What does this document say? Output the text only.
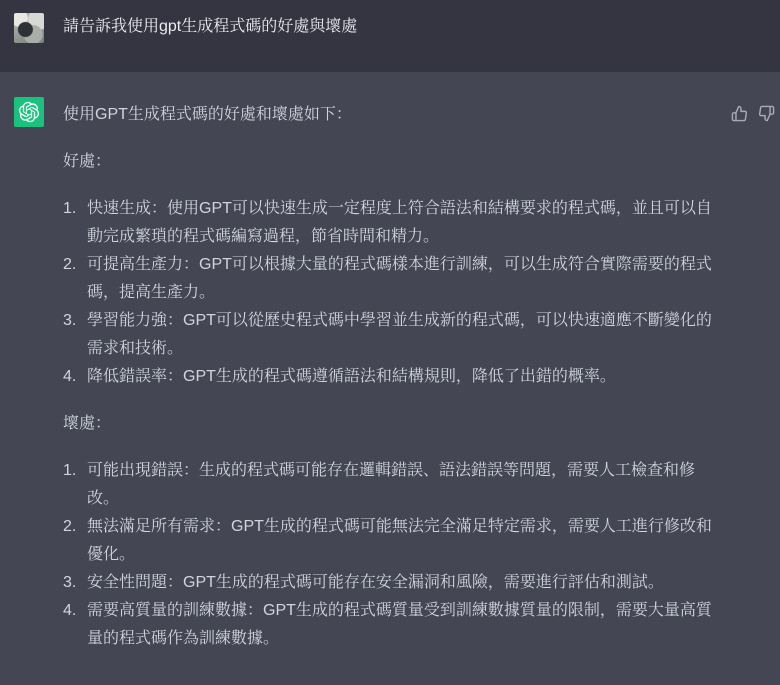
請告訴我使用gpt生成程式碼的好處與壞處

使用GPT生成程式碼的好處和壞處如下：

好處：

1. 快速生成：使用GPT可以快速生成一定程度上符合語法和結構要求的程式碼，並且可以自動完成繁瑣的程式碼編寫過程，節省時間和精力。
2. 可提高生產力：GPT可以根據大量的程式碼樣本進行訓練，可以生成符合實際需要的程式碼，提高生產力。
3. 學習能力強：GPT可以從歷史程式碼中學習並生成新的程式碼，可以快速適應不斷變化的需求和技術。
4. 降低錯誤率：GPT生成的程式碼遵循語法和結構規則，降低了出錯的概率。

壞處：

1. 可能出現錯誤：生成的程式碼可能存在邏輯錯誤、語法錯誤等問題，需要人工檢查和修改。
2. 無法滿足所有需求：GPT生成的程式碼可能無法完全滿足特定需求，需要人工進行修改和優化。
3. 安全性問題：GPT生成的程式碼可能存在安全漏洞和風險，需要進行評估和測試。
4. 需要高質量的訓練數據：GPT生成的程式碼質量受到訓練數據質量的限制，需要大量高質量的程式碼作為訓練數據。
